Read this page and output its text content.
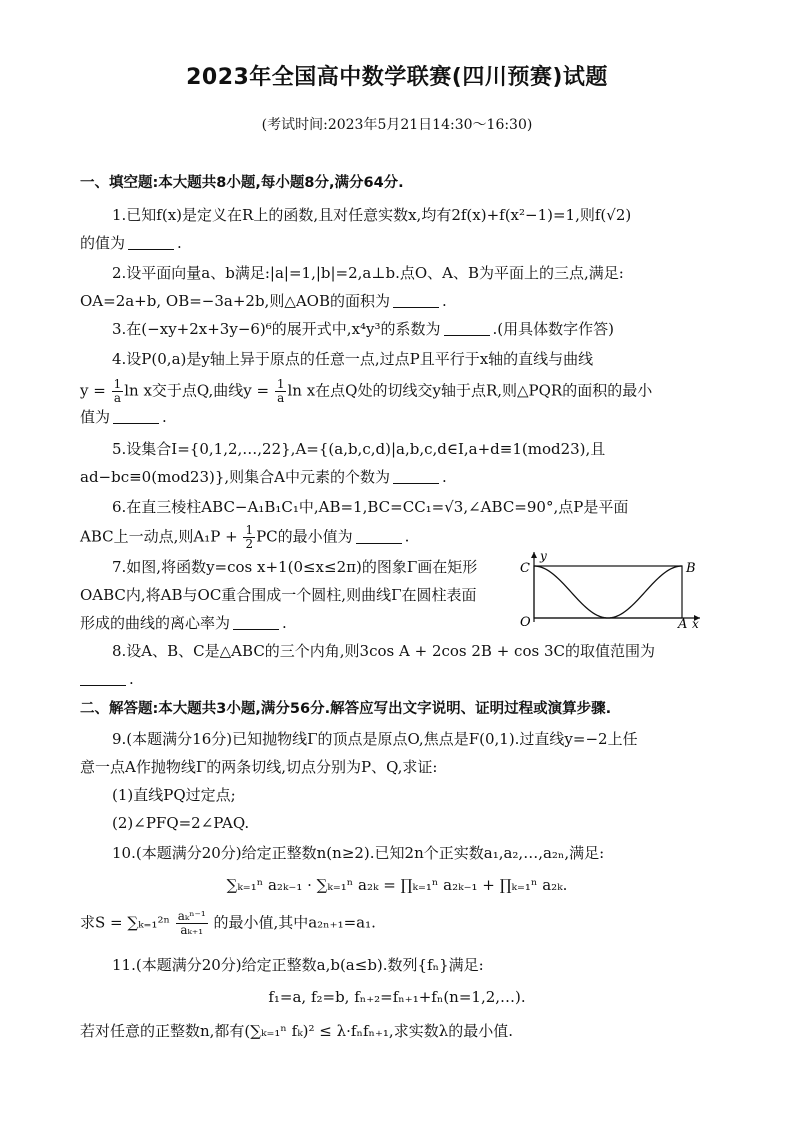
2023年全国高中数学联赛(四川预赛)试题
(考试时间:2023年5月21日14:30～16:30)
一、填空题:本大题共8小题,每小题8分,满分64分.
1.已知f(x)是定义在R上的函数,且对任意实数x,均有2f(x)+f(x²−1)=1,则f(√2)
的值为	.
2.设平面向量a、b满足:|a|=1,|b|=2,a⊥b.点O、A、B为平面上的三点,满足:
OA=2a+b, OB=−3a+2b,则△AOB的面积为	.
3.在(−xy+2x+3y−6)⁶的展开式中,x⁴y³的系数为	.(用具体数字作答)
4.设P(0,a)是y轴上异于原点的任意一点,过点P且平行于x轴的直线与曲线
$y = \frac{1}{a}$ ln x交于点Q,曲线$y = \frac{1}{a}$ ln x在点Q处的切线交y轴于点R,则△PQR的面积的最小
值为	.
5.设集合I={0,1,2,…,22},A={(a,b,c,d)|a,b,c,d∈I,a+d≡1(mod23),且
ad−bc≡0(mod23)},则集合A中元素的个数为	.
6.在直三棱柱ABC−A₁B₁C₁中,AB=1,BC=CC₁=√3,∠ABC=90°,点P是平面
ABC上一动点,则$A_1P + \frac{1}{2}$ PC的最小值为	.
7.如图,将函数y=cos x+1(0≤x≤2π)的图象Γ画在矩形
OABC内,将AB与OC重合围成一个圆柱,则曲线Γ在圆柱表面
形成的曲线的离心率为	.
y
C	B
O	A x
8.设A、B、C是△ABC的三个内角,则3cos A + 2cos 2B + cos 3C的取值范围为
.
二、解答题:本大题共3小题,满分56分.解答应写出文字说明、证明过程或演算步骤.
9.(本题满分16分)已知抛物线Γ的顶点是原点O,焦点是F(0,1).过直线y=−2上任
意一点A作抛物线Γ的两条切线,切点分别为P、Q,求证:
(1)直线PQ过定点;
(2)∠PFQ=2∠PAQ.
10.(本题满分20分)给定正整数n(n≥2).已知2n个正实数a₁,a₂,…,a₂ₙ,满足:
∑ₖ₌₁ⁿ a₂ₖ₋₁ · ∑ₖ₌₁ⁿ a₂ₖ = ∏ₖ₌₁ⁿ a₂ₖ₋₁ + ∏ₖ₌₁ⁿ a₂ₖ.
求$S = \sum_{k=1}^{2n} \frac{\text{aₖⁿ⁻¹}}{\text{aₖ₊₁}}$ 的最小值,其中a₂ₙ₊₁=a₁.
11.(本题满分20分)给定正整数a,b(a≤b).数列{fₙ}满足:
f₁=a, f₂=b, fₙ₊₂=fₙ₊₁+fₙ(n=1,2,…).
若对任意的正整数n,都有(∑ₖ₌₁ⁿ fₖ)² ≤ λ·fₙfₙ₊₁,求实数λ的最小值.
